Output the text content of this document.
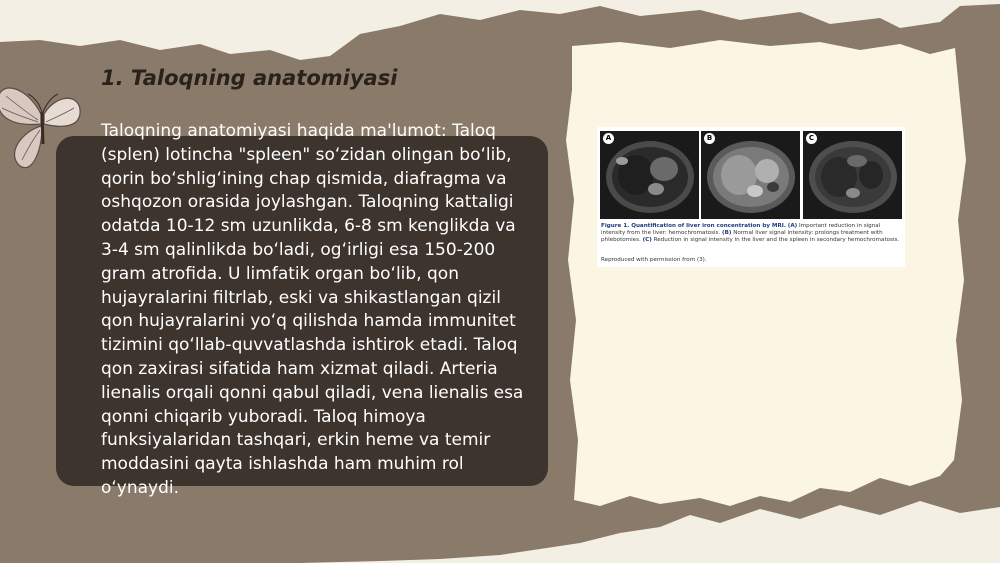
1. Taloqning anatomiyasi

Taloqning anatomiyasi haqida ma'lumot: Taloq (splen) lotincha "spleen" soʻzidan olingan boʻlib, qorin boʻshligʻining chap qismida, diafragma va oshqozon orasida joylashgan. Taloqning kattaligi odatda 10-12 sm uzunlikda, 6-8 sm kenglikda va 3-4 sm qalinlikda boʻladi, ogʻirligi esa 150-200 gram atrofida. U limfatik organ boʻlib, qon hujayralarini filtrlab, eski va shikastlangan qizil qon hujayralarini yoʻq qilishda hamda immunitet tizimini qoʻllab-quvvatlashda ishtirok etadi. Taloq qon zaxirasi sifatida ham xizmat qiladi. Arteria lienalis orqali qonni qabul qiladi, vena lienalis esa qonni chiqarib yuboradi. Taloq himoya funksiyalaridan tashqari, erkin heme va temir moddasini qayta ishlashda ham muhim rol oʻynaydi.

A	B	C

Figure 1. Quantification of liver iron concentration by MRI. (A) Important reduction in signal intensity from the liver: hemochromatosis. (B) Normal liver signal intensity: prolongs treatment with phlebotomies. (C) Reduction in signal intensity in the liver and the spleen in secondary hemochromatosis.

Reproduced with permission from (3).
